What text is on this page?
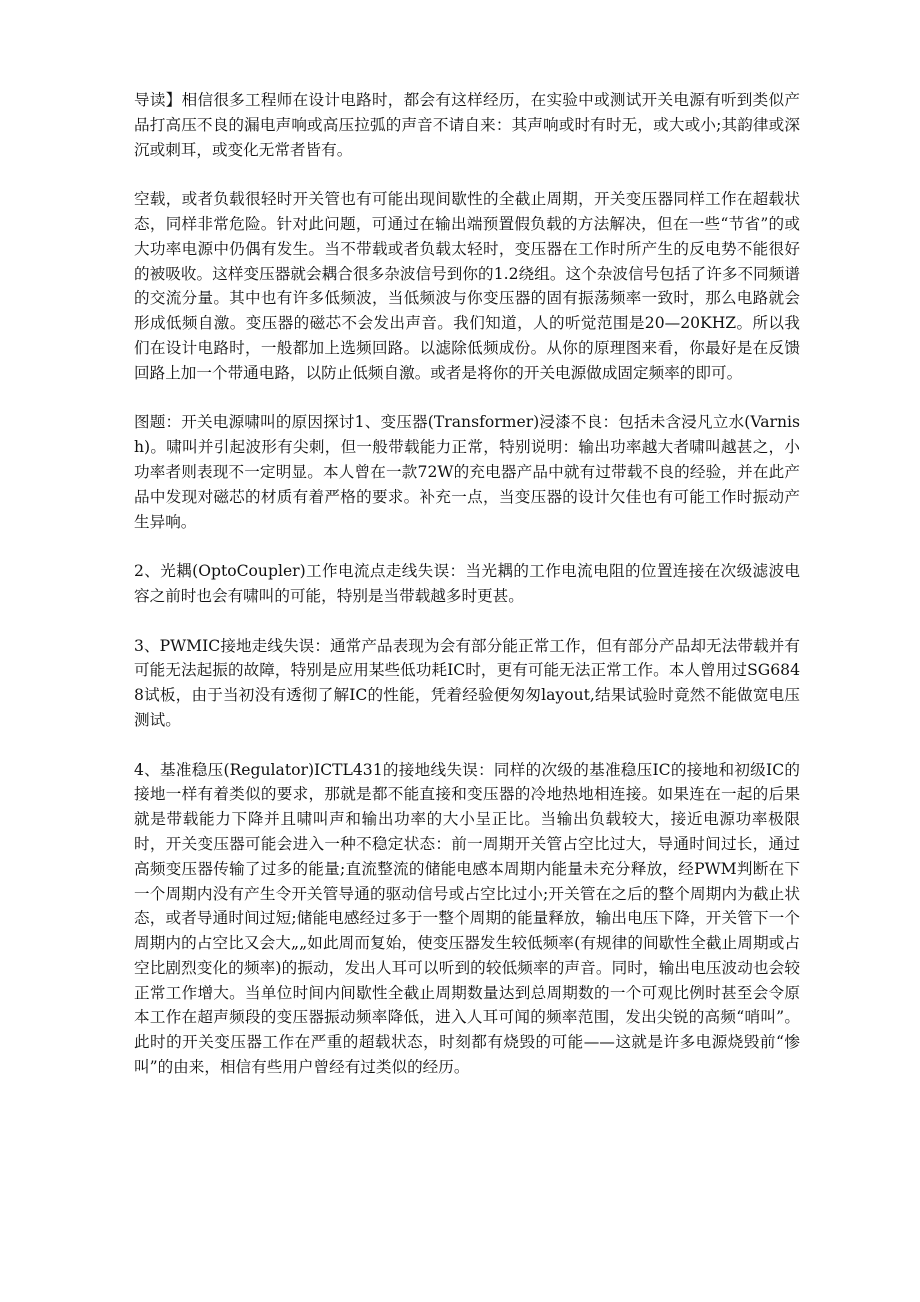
导读】相信很多工程师在设计电路时，都会有这样经历，在实验中或测试开关电源有听到类似产品打高压不良的漏电声响或高压拉弧的声音不请自来：其声响或时有时无，或大或小;其韵律或深沉或刺耳，或变化无常者皆有。

空载，或者负载很轻时开关管也有可能出现间歇性的全截止周期，开关变压器同样工作在超载状态，同样非常危险。针对此问题，可通过在输出端预置假负载的方法解决，但在一些“节省”的或大功率电源中仍偶有发生。当不带载或者负载太轻时，变压器在工作时所产生的反电势不能很好的被吸收。这样变压器就会耦合很多杂波信号到你的1.2绕组。这个杂波信号包括了许多不同频谱的交流分量。其中也有许多低频波，当低频波与你变压器的固有振荡频率一致时，那么电路就会形成低频自激。变压器的磁芯不会发出声音。我们知道，人的听觉范围是20—20KHZ。所以我们在设计电路时，一般都加上选频回路。以滤除低频成份。从你的原理图来看，你最好是在反馈回路上加一个带通电路，以防止低频自激。或者是将你的开关电源做成固定频率的即可。

图题：开关电源啸叫的原因探讨1、变压器(Transformer)浸漆不良：包括未含浸凡立水(Varnish)。啸叫并引起波形有尖刺，但一般带载能力正常，特别说明：输出功率越大者啸叫越甚之，小功率者则表现不一定明显。本人曾在一款72W的充电器产品中就有过带载不良的经验，并在此产品中发现对磁芯的材质有着严格的要求。补充一点，当变压器的设计欠佳也有可能工作时振动产生异响。

2、光耦(OptoCoupler)工作电流点走线失误：当光耦的工作电流电阻的位置连接在次级滤波电容之前时也会有啸叫的可能，特别是当带载越多时更甚。

3、PWMIC接地走线失误：通常产品表现为会有部分能正常工作，但有部分产品却无法带载并有可能无法起振的故障，特别是应用某些低功耗IC时，更有可能无法正常工作。本人曾用过SG6848试板，由于当初没有透彻了解IC的性能，凭着经验便匆匆layout,结果试验时竟然不能做宽电压测试。

4、基准稳压(Regulator)ICTL431的接地线失误：同样的次级的基准稳压IC的接地和初级IC的接地一样有着类似的要求，那就是都不能直接和变压器的冷地热地相连接。如果连在一起的后果就是带载能力下降并且啸叫声和输出功率的大小呈正比。当输出负载较大，接近电源功率极限时，开关变压器可能会进入一种不稳定状态：前一周期开关管占空比过大，导通时间过长，通过高频变压器传输了过多的能量;直流整流的储能电感本周期内能量未充分释放，经PWM判断在下一个周期内没有产生令开关管导通的驱动信号或占空比过小;开关管在之后的整个周期内为截止状态，或者导通时间过短;储能电感经过多于一整个周期的能量释放，输出电压下降，开关管下一个周期内的占空比又会大„„如此周而复始，使变压器发生较低频率(有规律的间歇性全截止周期或占空比剧烈变化的频率)的振动，发出人耳可以听到的较低频率的声音。同时，输出电压波动也会较正常工作增大。当单位时间内间歇性全截止周期数量达到总周期数的一个可观比例时甚至会令原本工作在超声频段的变压器振动频率降低，进入人耳可闻的频率范围，发出尖锐的高频“哨叫”。此时的开关变压器工作在严重的超载状态，时刻都有烧毁的可能——这就是许多电源烧毁前“惨叫”的由来，相信有些用户曾经有过类似的经历。
